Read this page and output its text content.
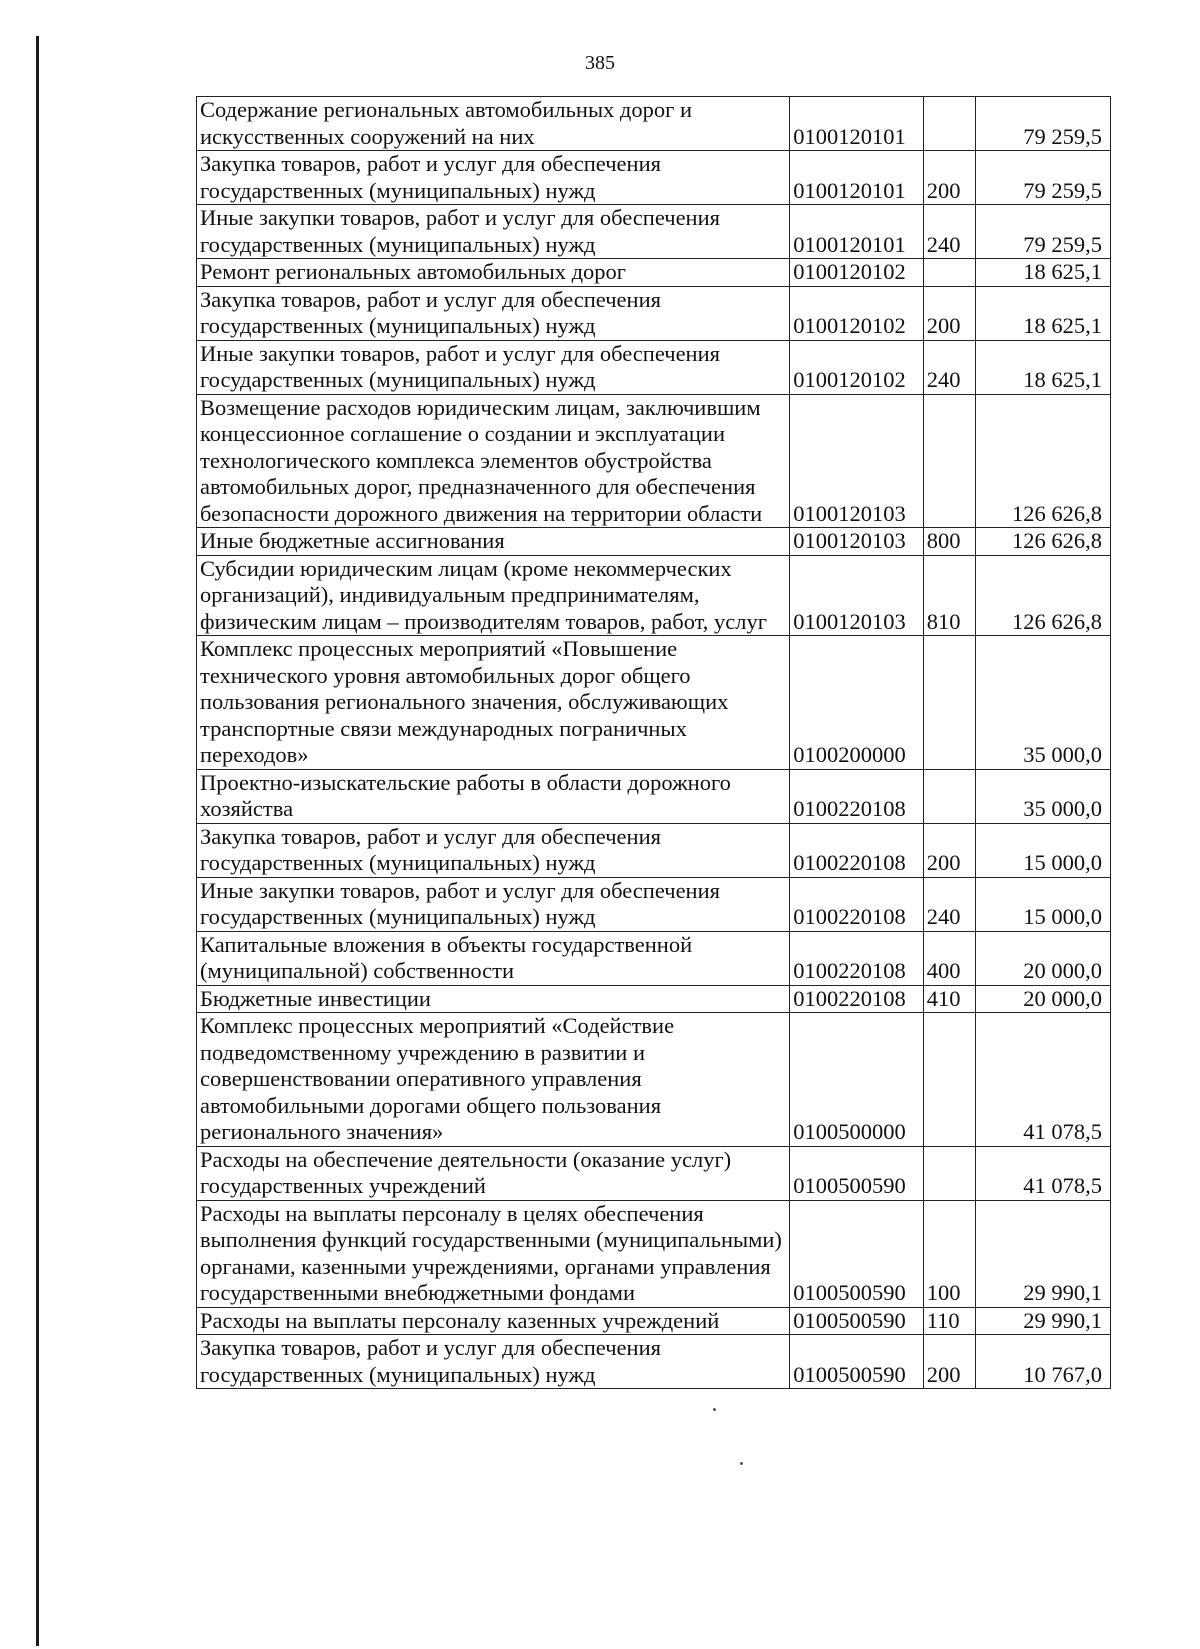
385
Содержание региональных автомобильных дорог и искусственных сооружений на них	0100120101		79 259,5
Закупка товаров, работ и услуг для обеспечения государственных (муниципальных) нужд	0100120101	200	79 259,5
Иные закупки товаров, работ и услуг для обеспечения государственных (муниципальных) нужд	0100120101	240	79 259,5
Ремонт региональных автомобильных дорог	0100120102		18 625,1
Закупка товаров, работ и услуг для обеспечения государственных (муниципальных) нужд	0100120102	200	18 625,1
Иные закупки товаров, работ и услуг для обеспечения государственных (муниципальных) нужд	0100120102	240	18 625,1
Возмещение расходов юридическим лицам, заключившим концессионное соглашение о создании и эксплуатации технологического комплекса элементов обустройства автомобильных дорог, предназначенного для обеспечения безопасности дорожного движения на территории области	0100120103		126 626,8
Иные бюджетные ассигнования	0100120103	800	126 626,8
Субсидии юридическим лицам (кроме некоммерческих организаций), индивидуальным предпринимателям, физическим лицам – производителям товаров, работ, услуг	0100120103	810	126 626,8
Комплекс процессных мероприятий «Повышение технического уровня автомобильных дорог общего пользования регионального значения, обслуживающих транспортные связи международных пограничных переходов»	0100200000		35 000,0
Проектно-изыскательские работы в области дорожного хозяйства	0100220108		35 000,0
Закупка товаров, работ и услуг для обеспечения государственных (муниципальных) нужд	0100220108	200	15 000,0
Иные закупки товаров, работ и услуг для обеспечения государственных (муниципальных) нужд	0100220108	240	15 000,0
Капитальные вложения в объекты государственной (муниципальной) собственности	0100220108	400	20 000,0
Бюджетные инвестиции	0100220108	410	20 000,0
Комплекс процессных мероприятий «Содействие подведомственному учреждению в развитии и совершенствовании оперативного управления автомобильными дорогами общего пользования регионального значения»	0100500000		41 078,5
Расходы на обеспечение деятельности (оказание услуг) государственных учреждений	0100500590		41 078,5
Расходы на выплаты персоналу в целях обеспечения выполнения функций государственными (муниципальными) органами, казенными учреждениями, органами управления государственными внебюджетными фондами	0100500590	100	29 990,1
Расходы на выплаты персоналу казенных учреждений	0100500590	110	29 990,1
Закупка товаров, работ и услуг для обеспечения государственных (муниципальных) нужд	0100500590	200	10 767,0
